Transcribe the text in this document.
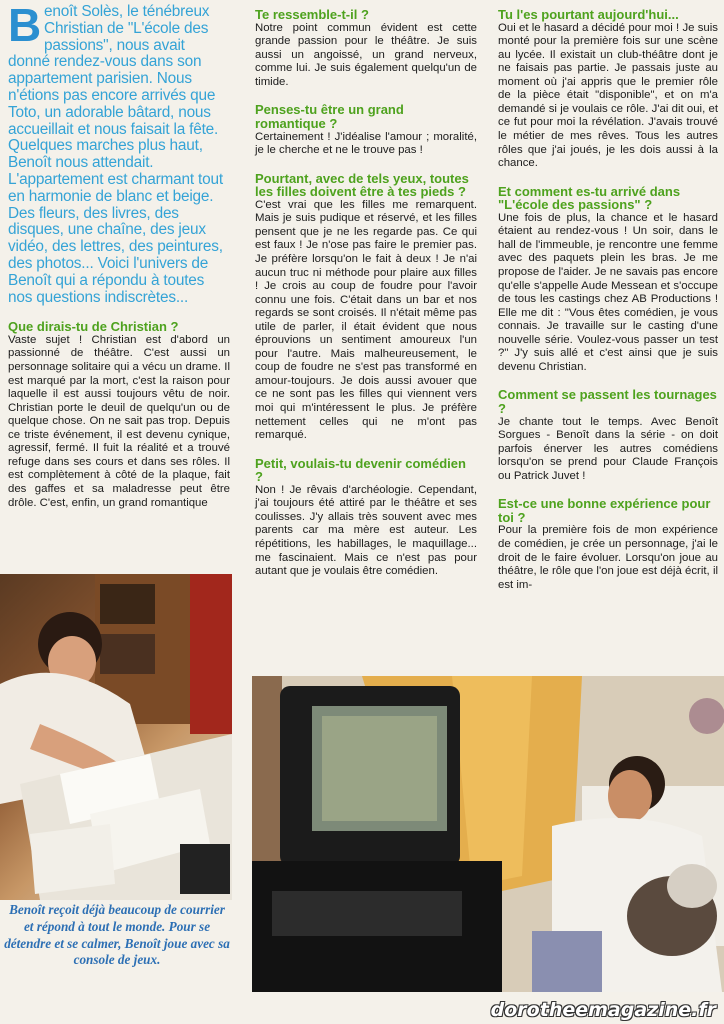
Benoît Solès, le ténébreux Christian de "L'école des passions", nous avait donné rendez-vous dans son appartement parisien. Nous n'étions pas encore arrivés que Toto, un adorable bâtard, nous accueillait et nous faisait la fête. Quelques marches plus haut, Benoît nous attendait. L'appartement est charmant tout en harmonie de blanc et beige. Des fleurs, des livres, des disques, une chaîne, des jeux vidéo, des lettres, des peintures, des photos... Voici l'univers de Benoît qui a répondu à toutes nos questions indiscrètes...
Que dirais-tu de Christian ?

Vaste sujet ! Christian est d'abord un passionné de théâtre. C'est aussi un personnage solitaire qui a vécu un drame. Il est marqué par la mort, c'est la raison pour laquelle il est aussi toujours vêtu de noir. Christian porte le deuil de quelqu'un ou de quelque chose. On ne sait pas trop. Depuis ce triste événement, il est devenu cynique, agressif, fermé. Il fuit la réalité et a trouvé refuge dans ses cours et dans ses rôles. Il est complètement à côté de la plaque, fait des gaffes et sa maladresse peut être drôle. C'est, enfin, un grand romantique

Te ressemble-t-il ?

Notre point commun évident est cette grande passion pour le théâtre. Je suis aussi un angoissé, un grand nerveux, comme lui. Je suis également quelqu'un de timide.

Penses-tu être un grand romantique ?

Certainement ! J'idéalise l'amour ; moralité, je le cherche et ne le trouve pas !

Pourtant, avec de tels yeux, toutes les filles doivent être à tes pieds ?

C'est vrai que les filles me remarquent. Mais je suis pudique et réservé, et les filles pensent que je ne les regarde pas. Ce qui est faux ! Je n'ose pas faire le premier pas. Je préfère lorsqu'on le fait à deux ! Je n'ai aucun truc ni méthode pour plaire aux filles ! Je crois au coup de foudre pour l'avoir connu une fois. C'était dans un bar et nos regards se sont croisés. Il n'était même pas utile de parler, il était évident que nous éprouvions un sentiment amoureux l'un pour l'autre. Mais malheureusement, le coup de foudre ne s'est pas transformé en amour-toujours. Je dois aussi avouer que ce ne sont pas les filles qui viennent vers moi qui m'intéressent le plus. Je préfère nettement celles qui ne m'ont pas remarqué.

Petit, voulais-tu devenir comédien ?

Non ! Je rêvais d'archéologie. Cependant, j'ai toujours été attiré par le théâtre et ses coulisses. J'y allais très souvent avec mes parents car ma mère est auteur. Les répétitions, les habillages, le maquillage... me fascinaient. Mais ce n'est pas pour autant que je voulais être comédien.

Tu l'es pourtant aujourd'hui...

Oui et le hasard a décidé pour moi ! Je suis monté pour la première fois sur une scène au lycée. Il existait un club-théâtre dont je ne faisais pas partie. Je passais juste au moment où j'ai appris que le premier rôle de la pièce était "disponible", et on m'a demandé si je voulais ce rôle. J'ai dit oui, et ce fut pour moi la révélation. J'avais trouvé le métier de mes rêves. Tous les autres rôles que j'ai joués, je les dois aussi à la chance.

Et comment es-tu arrivé dans "L'école des passions" ?

Une fois de plus, la chance et le hasard étaient au rendez-vous ! Un soir, dans le hall de l'immeuble, je rencontre une femme avec des paquets plein les bras. Je me propose de l'aider. Je ne savais pas encore qu'elle s'appelle Aude Messean et s'occupe de tous les castings chez AB Productions ! Elle me dit : "Vous êtes comédien, je vous connais. Je travaille sur le casting d'une nouvelle série. Voulez-vous passer un test ?" J'y suis allé et c'est ainsi que je suis devenu Christian.

Comment se passent les tournages ?

Je chante tout le temps. Avec Benoît Sorgues - Benoît dans la série - on doit parfois énerver les autres comédiens lorsqu'on se prend pour Claude François ou Patrick Juvet !

Est-ce une bonne expérience pour toi ?

Pour la première fois de mon expérience de comédien, je crée un personnage, j'ai le droit de le faire évoluer. Lorsqu'on joue au théâtre, le rôle que l'on joue est déjà écrit, il est im-

Benoît reçoit déjà beaucoup de courrier et répond à tout le monde. Pour se détendre et se calmer, Benoît joue avec sa console de jeux.
dorotheemagazine.fr
